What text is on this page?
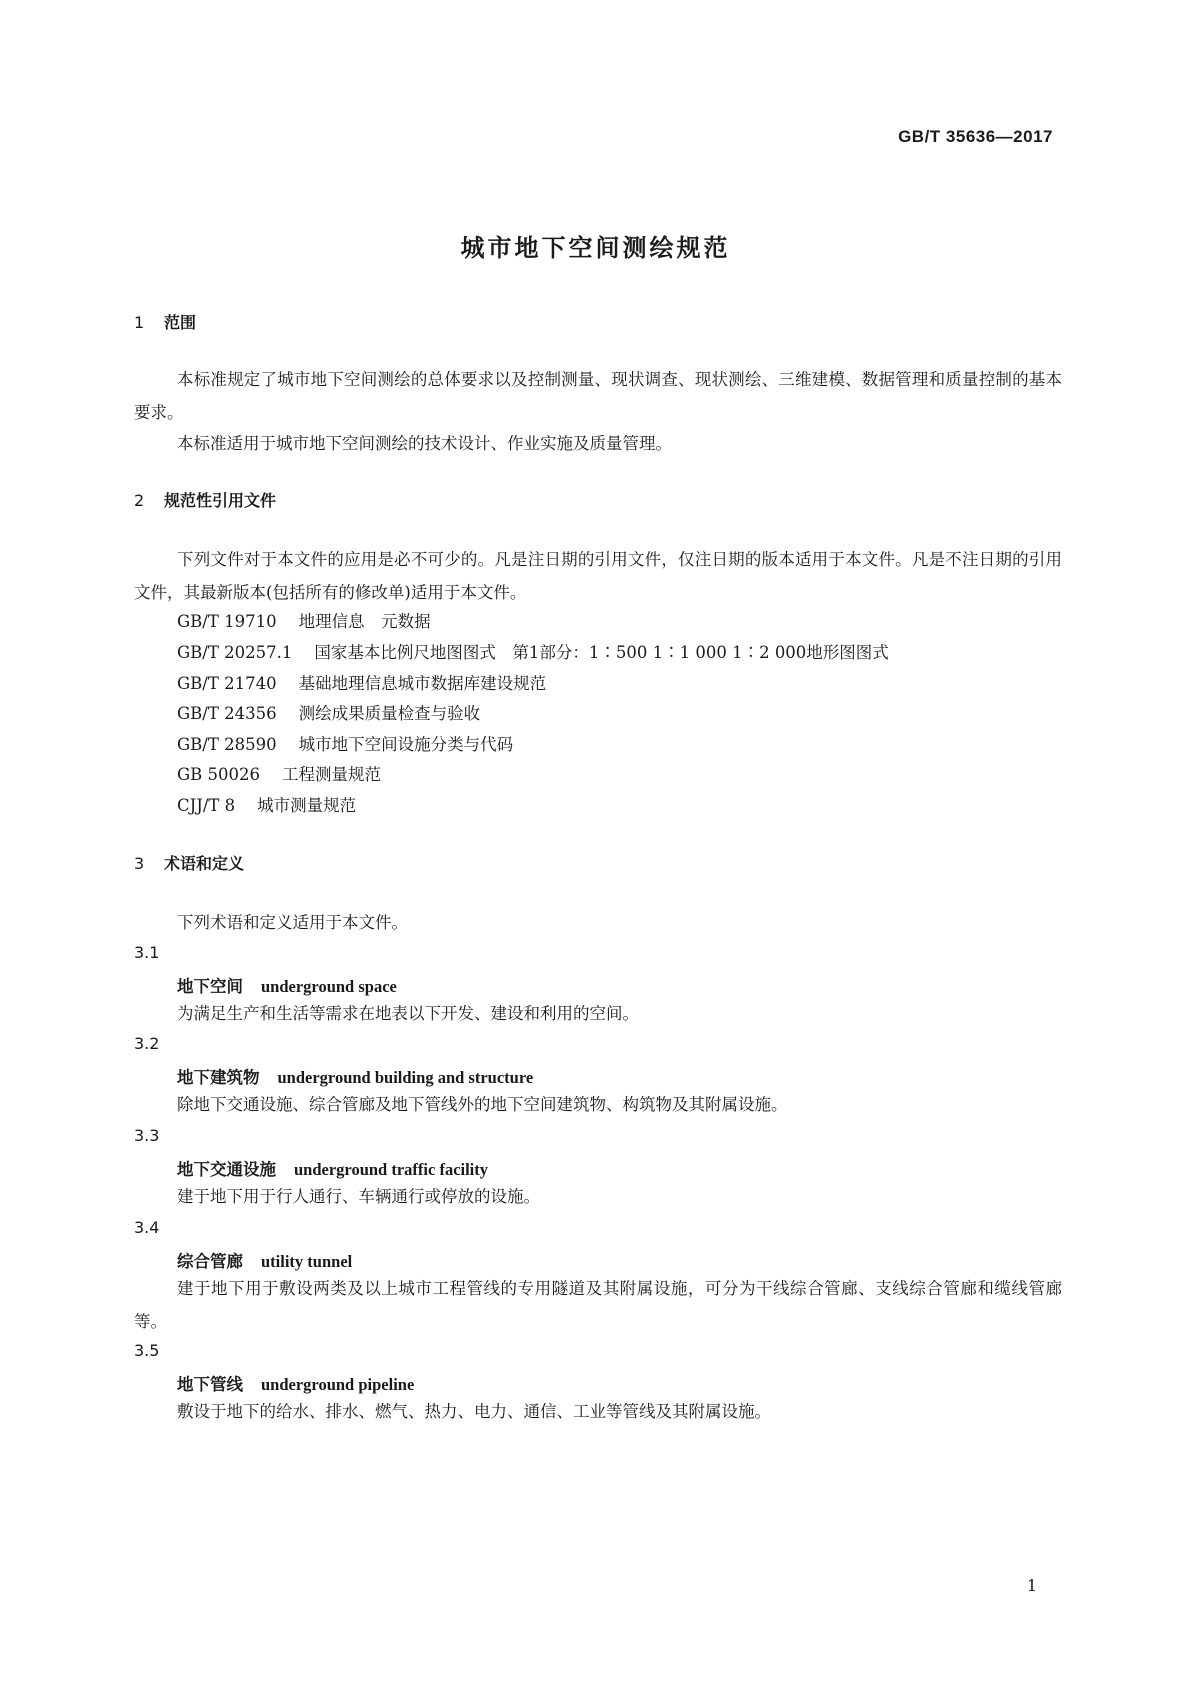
GB/T 35636—2017
城市地下空间测绘规范
1 范围
本标准规定了城市地下空间测绘的总体要求以及控制测量、现状调查、现状测绘、三维建模、数据管理和质量控制的基本要求。
本标准适用于城市地下空间测绘的技术设计、作业实施及质量管理。
2 规范性引用文件
下列文件对于本文件的应用是必不可少的。凡是注日期的引用文件，仅注日期的版本适用于本文件。凡是不注日期的引用文件，其最新版本(包括所有的修改单)适用于本文件。
GB/T 19710 地理信息　元数据
GB/T 20257.1 国家基本比例尺地图图式　第1部分：1∶500 1∶1 000 1∶2 000地形图图式
GB/T 21740 基础地理信息城市数据库建设规范
GB/T 24356 测绘成果质量检查与验收
GB/T 28590 城市地下空间设施分类与代码
GB 50026 工程测量规范
CJJ/T 8 城市测量规范
3 术语和定义
下列术语和定义适用于本文件。
3.1
地下空间 underground space
为满足生产和生活等需求在地表以下开发、建设和利用的空间。
3.2
地下建筑物 underground building and structure
除地下交通设施、综合管廊及地下管线外的地下空间建筑物、构筑物及其附属设施。
3.3
地下交通设施 underground traffic facility
建于地下用于行人通行、车辆通行或停放的设施。
3.4
综合管廊 utility tunnel
建于地下用于敷设两类及以上城市工程管线的专用隧道及其附属设施，可分为干线综合管廊、支线综合管廊和缆线管廊等。
3.5
地下管线 underground pipeline
敷设于地下的给水、排水、燃气、热力、电力、通信、工业等管线及其附属设施。
1
